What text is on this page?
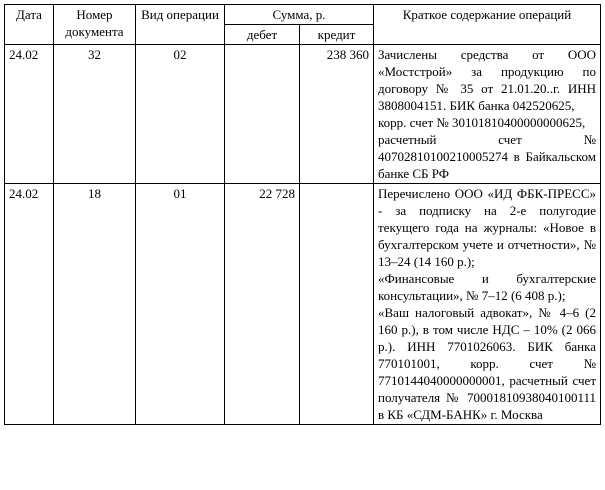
Дата	Номер документа	Вид операции	Сумма, р.		Краткое содержание операций
			дебет	кредит	
24.02	32	02		238 360	Зачислены средства от ООО «Мостстрой» за продукцию по договору № 35 от 21.01.20..г. ИНН 3808004151. БИК банка 042520625,

корр. счет № 30101810400000000625,

расчетный счет № 40702810100210005274 в Байкальском банке СБ РФ

24.02	18	01	22 728		Перечислено ООО «ИД ФБК-ПРЕСС» - за подписку на 2-е полугодие текущего года на журналы: «Новое в бухгалтерском учете и отчетности», № 13–24 (14 160 р.);

«Финансовые и бухгалтерские консультации», № 7–12 (6 408 р.);

«Ваш налоговый адвокат», № 4–6 (2 160 р.), в том числе НДС – 10% (2 066 р.). ИНН 7701026063. БИК банка 770101001, корр. счет № 7710144040000000001, расчетный счет получателя № 70001810938040100111 в КБ «СДМ-БАНК» г. Москва
